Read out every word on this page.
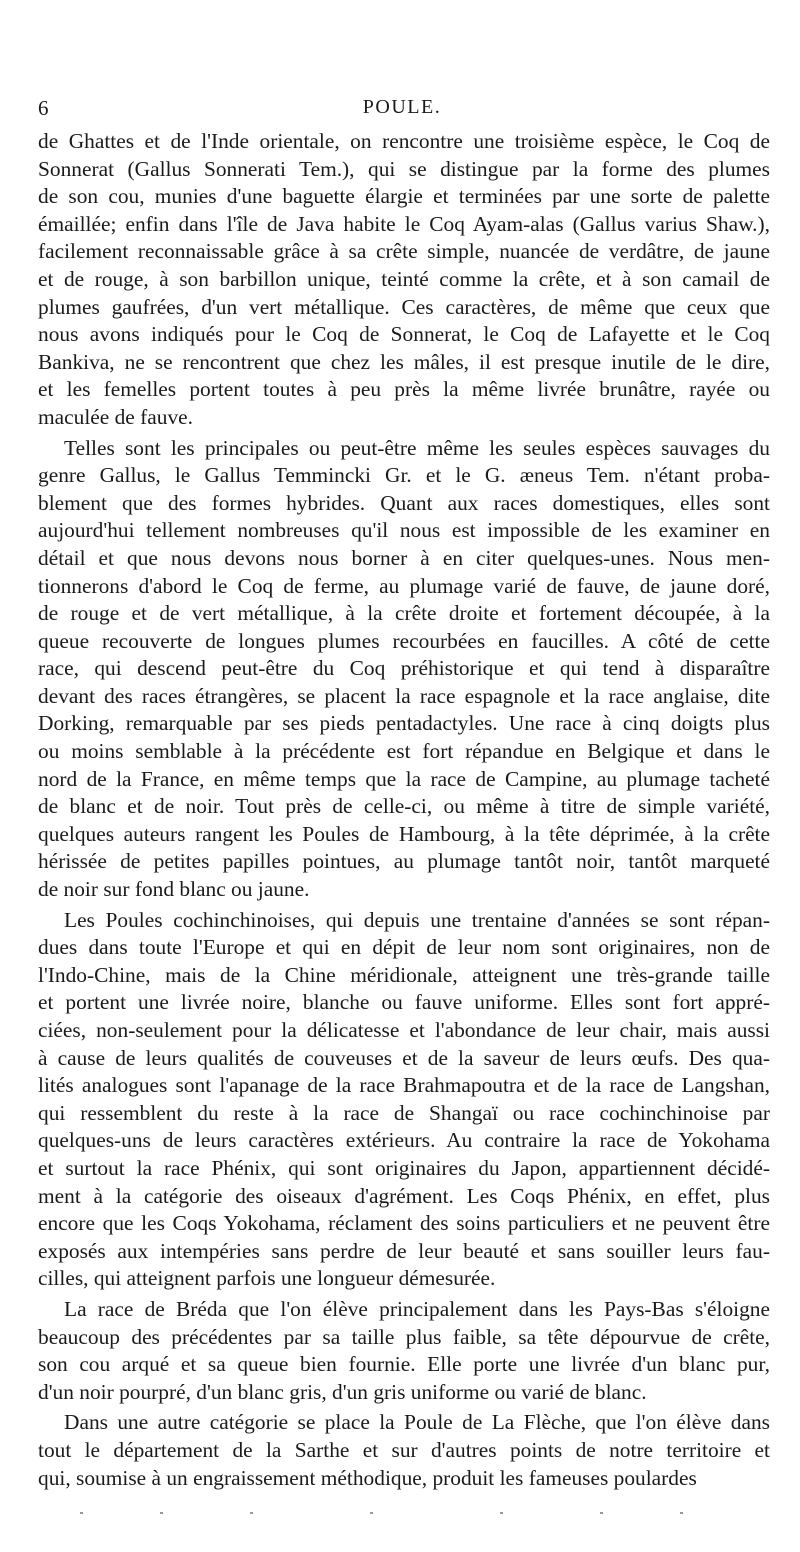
6	POULE.
de Ghattes et de l'Inde orientale, on rencontre une troisième espèce, le Coq de
Sonnerat (Gallus Sonnerati Tem.), qui se distingue par la forme des plumes
de son cou, munies d'une baguette élargie et terminées par une sorte de palette
émaillée; enfin dans l'île de Java habite le Coq Ayam-alas (Gallus varius Shaw.),
facilement reconnaissable grâce à sa crête simple, nuancée de verdâtre, de jaune
et de rouge, à son barbillon unique, teinté comme la crête, et à son camail de
plumes gaufrées, d'un vert métallique. Ces caractères, de même que ceux que
nous avons indiqués pour le Coq de Sonnerat, le Coq de Lafayette et le Coq
Bankiva, ne se rencontrent que chez les mâles, il est presque inutile de le dire,
et les femelles portent toutes à peu près la même livrée brunâtre, rayée ou
maculée de fauve.
Telles sont les principales ou peut-être même les seules espèces sauvages du
genre Gallus, le Gallus Temmincki Gr. et le G. æneus Tem. n'étant proba-
blement que des formes hybrides. Quant aux races domestiques, elles sont
aujourd'hui tellement nombreuses qu'il nous est impossible de les examiner en
détail et que nous devons nous borner à en citer quelques-unes. Nous men-
tionnerons d'abord le Coq de ferme, au plumage varié de fauve, de jaune doré,
de rouge et de vert métallique, à la crête droite et fortement découpée, à la
queue recouverte de longues plumes recourbées en faucilles. A côté de cette
race, qui descend peut-être du Coq préhistorique et qui tend à disparaître
devant des races étrangères, se placent la race espagnole et la race anglaise, dite
Dorking, remarquable par ses pieds pentadactyles. Une race à cinq doigts plus
ou moins semblable à la précédente est fort répandue en Belgique et dans le
nord de la France, en même temps que la race de Campine, au plumage tacheté
de blanc et de noir. Tout près de celle-ci, ou même à titre de simple variété,
quelques auteurs rangent les Poules de Hambourg, à la tête déprimée, à la crête
hérissée de petites papilles pointues, au plumage tantôt noir, tantôt marqueté
de noir sur fond blanc ou jaune.
Les Poules cochinchinoises, qui depuis une trentaine d'années se sont répan-
dues dans toute l'Europe et qui en dépit de leur nom sont originaires, non de
l'Indo-Chine, mais de la Chine méridionale, atteignent une très-grande taille
et portent une livrée noire, blanche ou fauve uniforme. Elles sont fort appré-
ciées, non-seulement pour la délicatesse et l'abondance de leur chair, mais aussi
à cause de leurs qualités de couveuses et de la saveur de leurs œufs. Des qua-
lités analogues sont l'apanage de la race Brahmapoutra et de la race de Langshan,
qui ressemblent du reste à la race de Shangaï ou race cochinchinoise par
quelques-uns de leurs caractères extérieurs. Au contraire la race de Yokohama
et surtout la race Phénix, qui sont originaires du Japon, appartiennent décidé-
ment à la catégorie des oiseaux d'agrément. Les Coqs Phénix, en effet, plus
encore que les Coqs Yokohama, réclament des soins particuliers et ne peuvent être
exposés aux intempéries sans perdre de leur beauté et sans souiller leurs fau-
cilles, qui atteignent parfois une longueur démesurée.
La race de Bréda que l'on élève principalement dans les Pays-Bas s'éloigne
beaucoup des précédentes par sa taille plus faible, sa tête dépourvue de crête,
son cou arqué et sa queue bien fournie. Elle porte une livrée d'un blanc pur,
d'un noir pourpré, d'un blanc gris, d'un gris uniforme ou varié de blanc.
Dans une autre catégorie se place la Poule de La Flèche, que l'on élève dans
tout le département de la Sarthe et sur d'autres points de notre territoire et
qui, soumise à un engraissement méthodique, produit les fameuses poulardes
